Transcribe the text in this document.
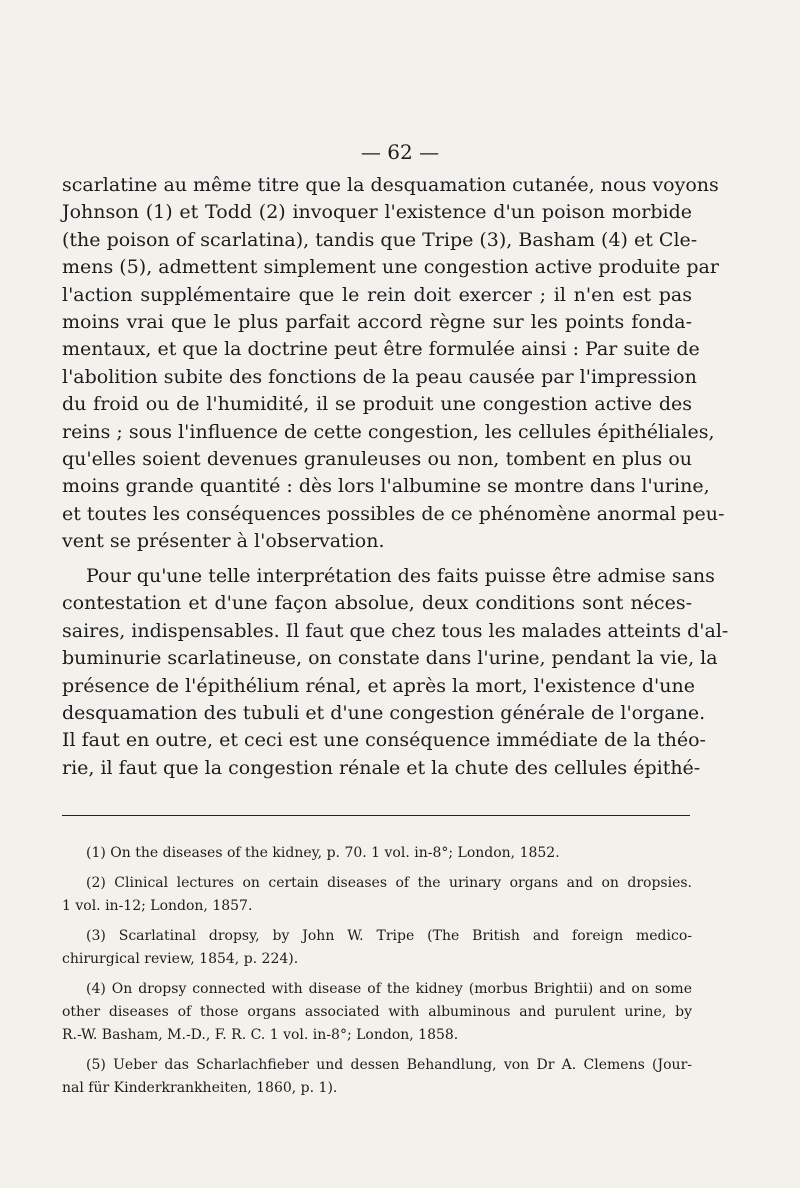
— 62 —
scarlatine au même titre que la desquamation cutanée, nous voyons
Johnson (1) et Todd (2) invoquer l'existence d'un poison morbide
(the poison of scarlatina), tandis que Tripe (3), Basham (4) et Cle-
mens (5), admettent simplement une congestion active produite par
l'action supplémentaire que le rein doit exercer ; il n'en est pas
moins vrai que le plus parfait accord règne sur les points fonda-
mentaux, et que la doctrine peut être formulée ainsi : Par suite de
l'abolition subite des fonctions de la peau causée par l'impression
du froid ou de l'humidité, il se produit une congestion active des
reins ; sous l'influence de cette congestion, les cellules épithéliales,
qu'elles soient devenues granuleuses ou non, tombent en plus ou
moins grande quantité : dès lors l'albumine se montre dans l'urine,
et toutes les conséquences possibles de ce phénomène anormal peu-
vent se présenter à l'observation.
Pour qu'une telle interprétation des faits puisse être admise sans
contestation et d'une façon absolue, deux conditions sont néces-
saires, indispensables. Il faut que chez tous les malades atteints d'al-
buminurie scarlatineuse, on constate dans l'urine, pendant la vie, la
présence de l'épithélium rénal, et après la mort, l'existence d'une
desquamation des tubuli et d'une congestion générale de l'organe.
Il faut en outre, et ceci est une conséquence immédiate de la théo-
rie, il faut que la congestion rénale et la chute des cellules épithé-
(1) On the diseases of the kidney, p. 70. 1 vol. in-8°; London, 1852.
(2) Clinical lectures on certain diseases of the urinary organs and on dropsies.
1 vol. in-12; London, 1857.
(3) Scarlatinal dropsy, by John W. Tripe (The British and foreign medico-
chirurgical review, 1854, p. 224).
(4) On dropsy connected with disease of the kidney (morbus Brightii) and on some
other diseases of those organs associated with albuminous and purulent urine, by
R.-W. Basham, M.-D., F. R. C. 1 vol. in-8°; London, 1858.
(5) Ueber das Scharlachfieber und dessen Behandlung, von Dr A. Clemens (Jour-
nal für Kinderkrankheiten, 1860, p. 1).
